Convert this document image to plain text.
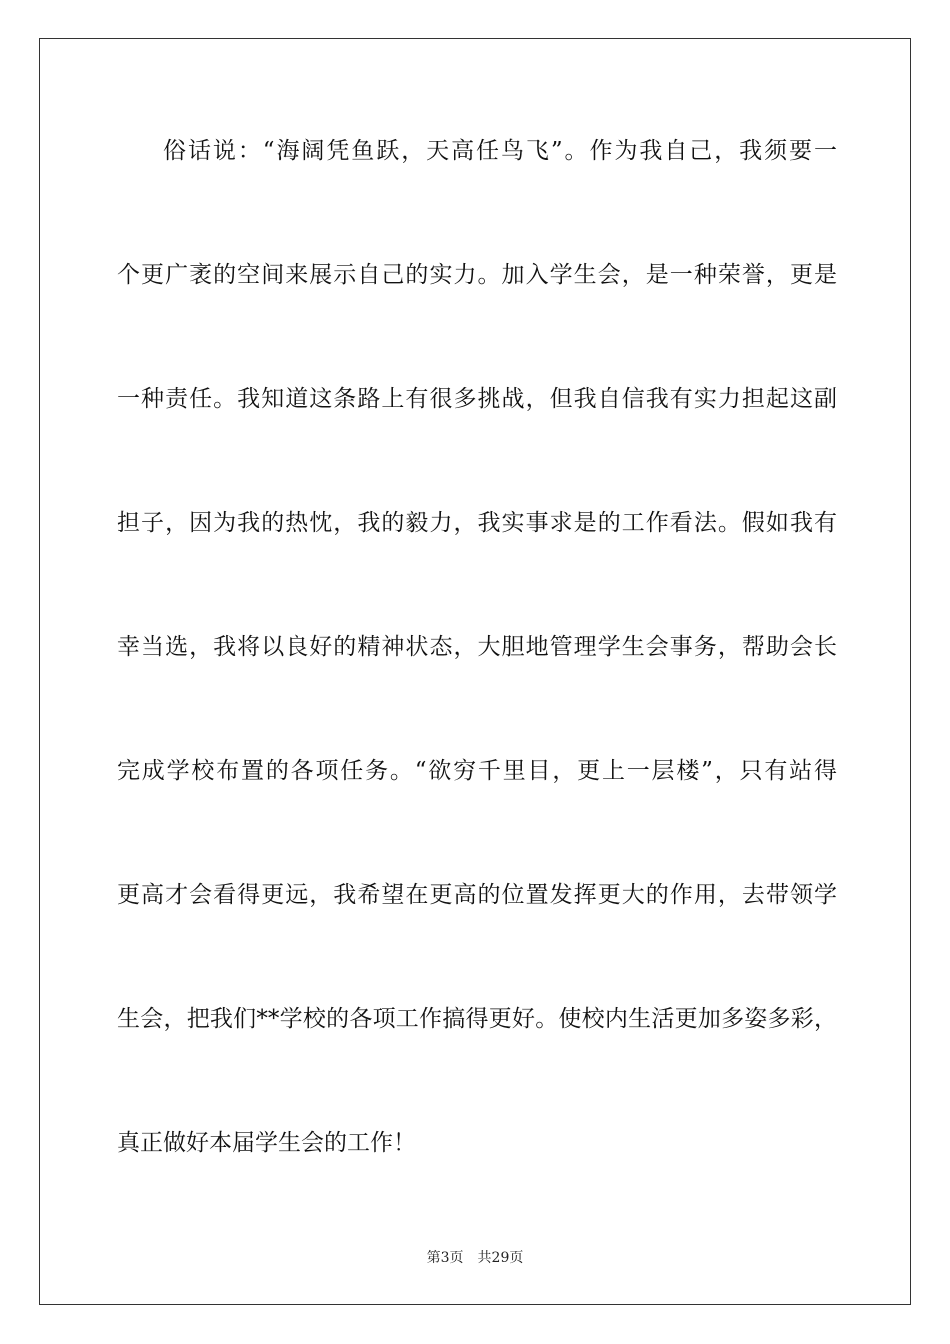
俗话说：“海阔凭鱼跃，天高任鸟飞”。作为我自己，我须要一
个更广袤的空间来展示自己的实力。加入学生会，是一种荣誉，更是
一种责任。我知道这条路上有很多挑战，但我自信我有实力担起这副
担子，因为我的热忱，我的毅力，我实事求是的工作看法。假如我有
幸当选，我将以良好的精神状态，大胆地管理学生会事务，帮助会长
完成学校布置的各项任务。“欲穷千里目，更上一层楼”，只有站得
更高才会看得更远，我希望在更高的位置发挥更大的作用，去带领学
生会，把我们**学校的各项工作搞得更好。使校内生活更加多姿多彩，
真正做好本届学生会的工作！
第3页 共29页
